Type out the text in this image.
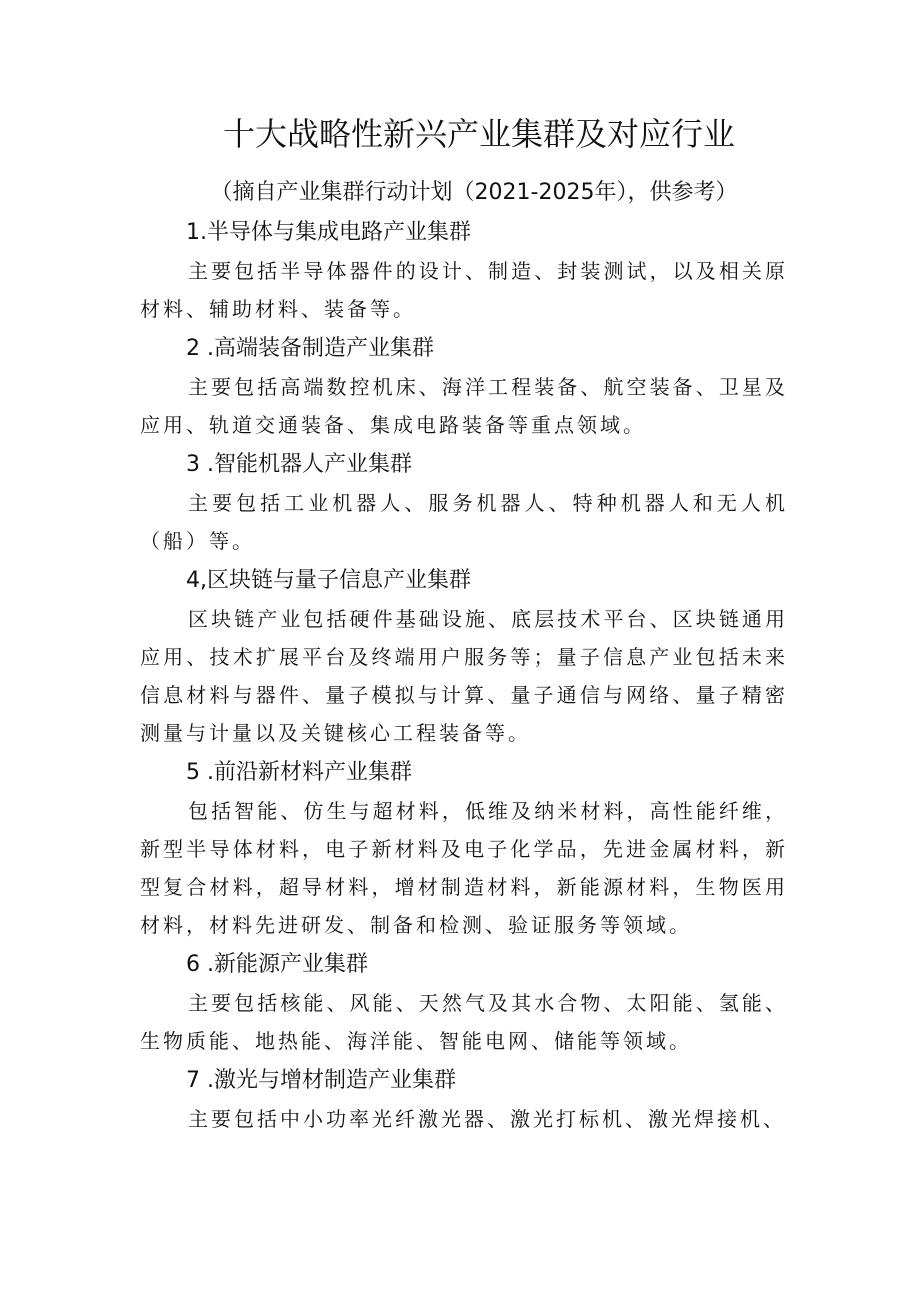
十大战略性新兴产业集群及对应行业
（摘自产业集群行动计划（2021-2025年），供参考）
1.半导体与集成电路产业集群

主要包括半导体器件的设计、制造、封装测试，以及相关原材料、辅助材料、装备等。

2 .高端装备制造产业集群

主要包括高端数控机床、海洋工程装备、航空装备、卫星及应用、轨道交通装备、集成电路装备等重点领域。

3 .智能机器人产业集群

主要包括工业机器人、服务机器人、特种机器人和无人机（船）等。

4,区块链与量子信息产业集群

区块链产业包括硬件基础设施、底层技术平台、区块链通用应用、技术扩展平台及终端用户服务等；量子信息产业包括未来信息材料与器件、量子模拟与计算、量子通信与网络、量子精密测量与计量以及关键核心工程装备等。

5 .前沿新材料产业集群

包括智能、仿生与超材料，低维及纳米材料，高性能纤维，新型半导体材料，电子新材料及电子化学品，先进金属材料，新型复合材料，超导材料，增材制造材料，新能源材料，生物医用材料，材料先进研发、制备和检测、验证服务等领域。

6 .新能源产业集群

主要包括核能、风能、天然气及其水合物、太阳能、氢能、生物质能、地热能、海洋能、智能电网、储能等领域。

7 .激光与增材制造产业集群

主要包括中小功率光纤激光器、激光打标机、激光焊接机、
